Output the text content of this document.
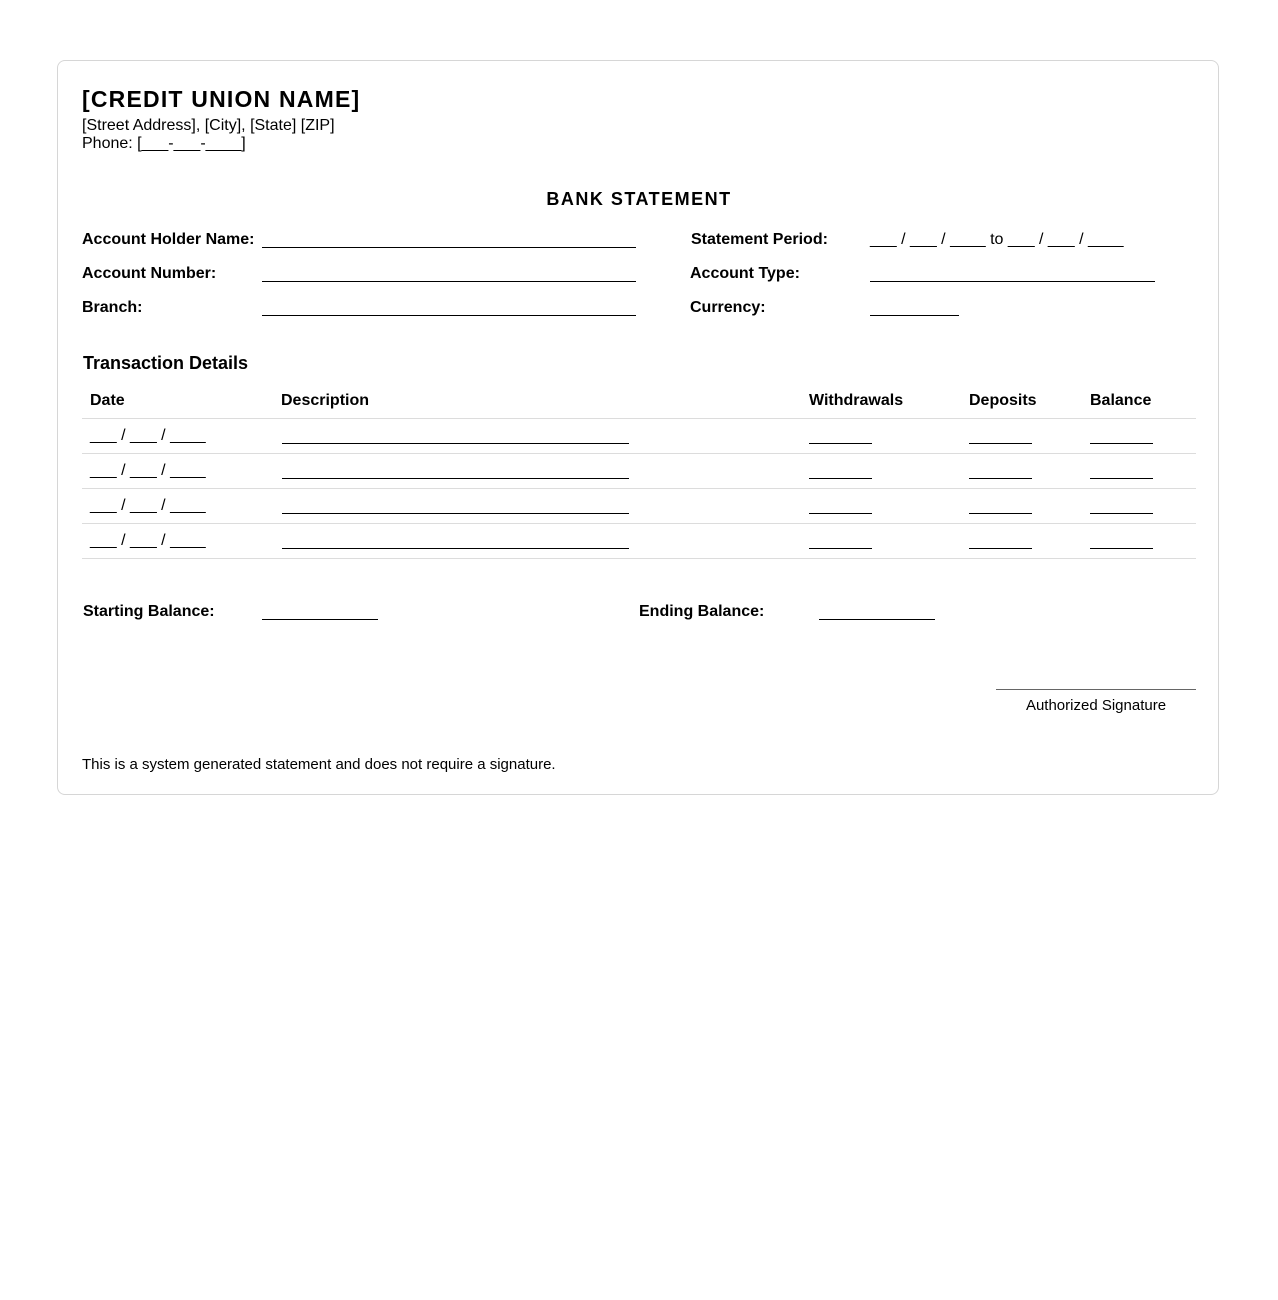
[CREDIT UNION NAME]
[Street Address], [City], [State] [ZIP]
Phone: [___-___-____]
BANK STATEMENT
Account Holder Name:
Account Number:
Branch:
Statement Period:	___ / ___ / ____ to ___ / ___ / ____
Account Type:
Currency:
Transaction Details
Date	Description	Withdrawals	Deposits	Balance
___ / ___ / ____
___ / ___ / ____
___ / ___ / ____
___ / ___ / ____
Starting Balance:	Ending Balance:
Authorized Signature
This is a system generated statement and does not require a signature.
